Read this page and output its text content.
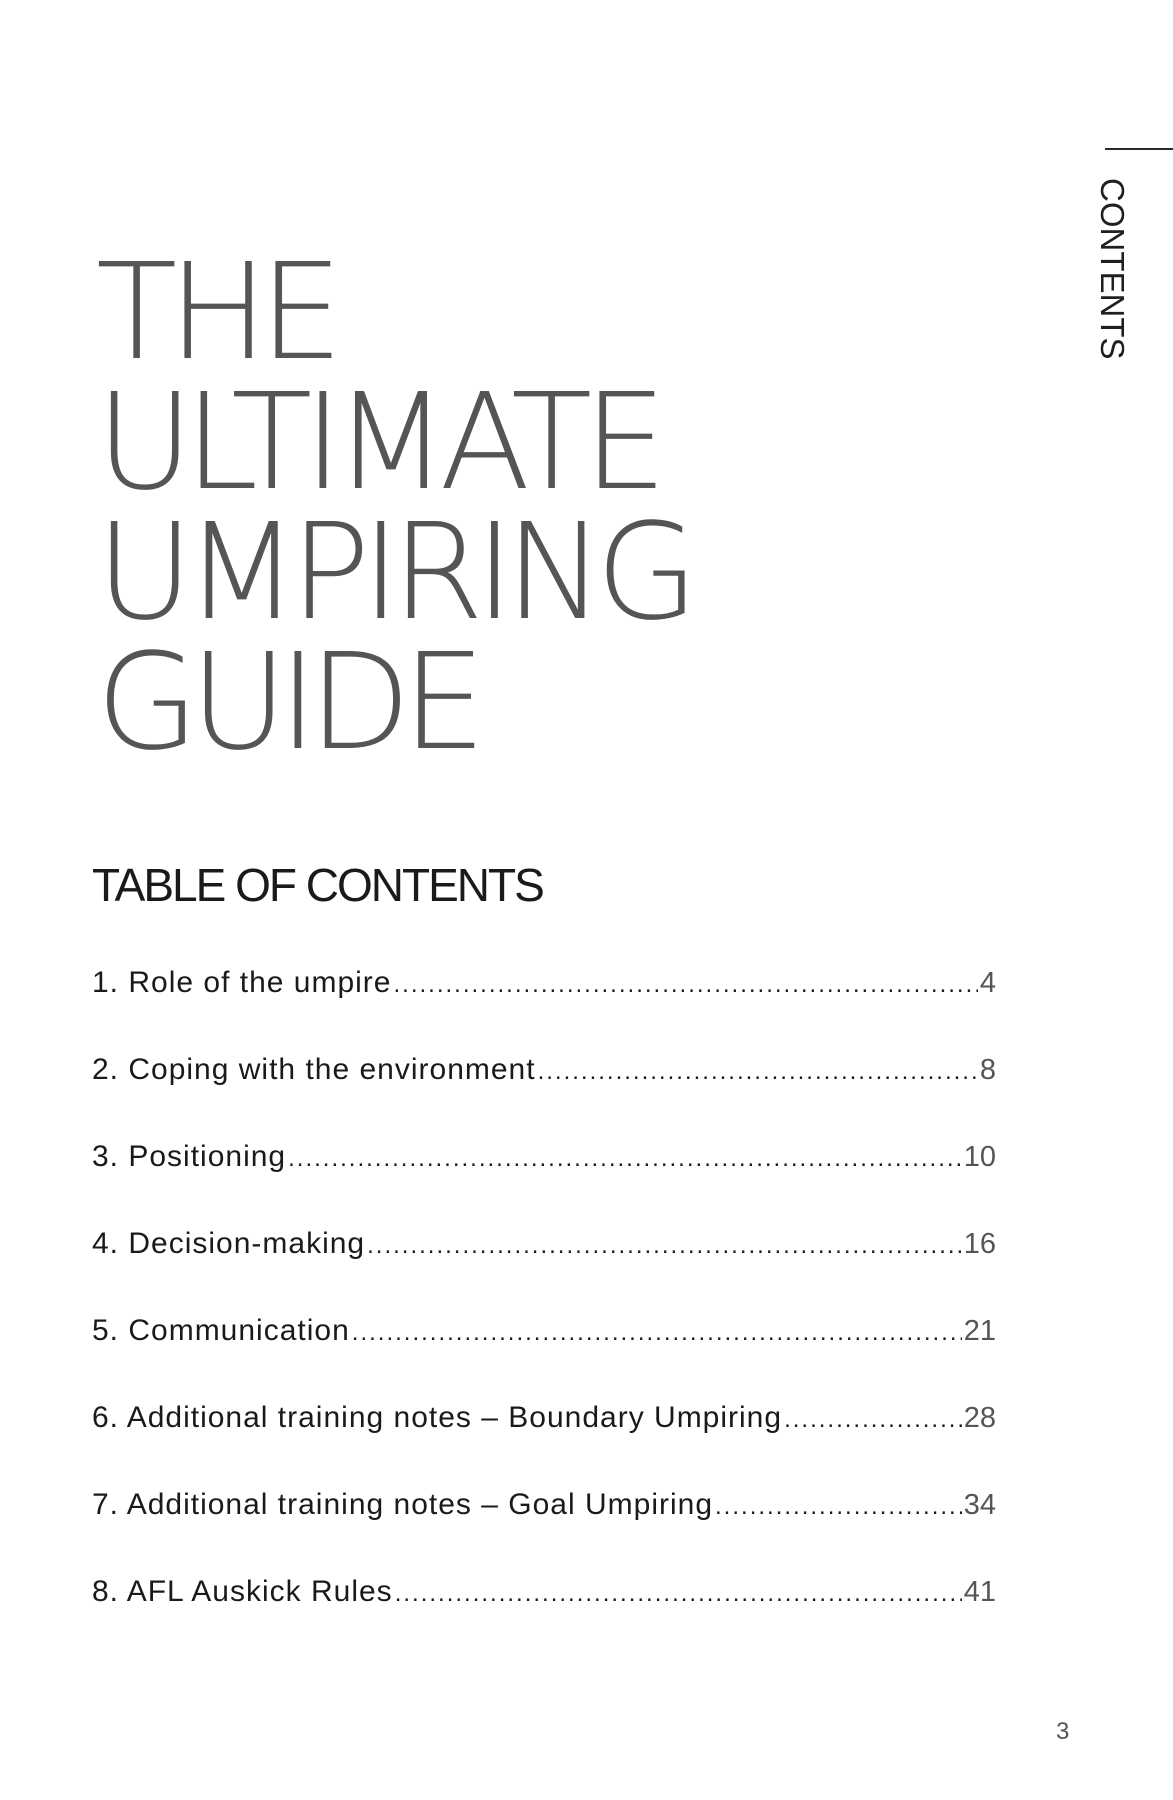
CONTENTS
THE
ULTIMATE
UMPIRING
GUIDE
TABLE OF CONTENTS
1. Role of the umpire .....	4
2. Coping with the environment .....	8
3. Positioning .....	10
4. Decision-making .....	16
5. Communication .....	21
6. Additional training notes – Boundary Umpiring .....	28
7. Additional training notes – Goal Umpiring .....	34
8. AFL Auskick Rules .....	41
3
